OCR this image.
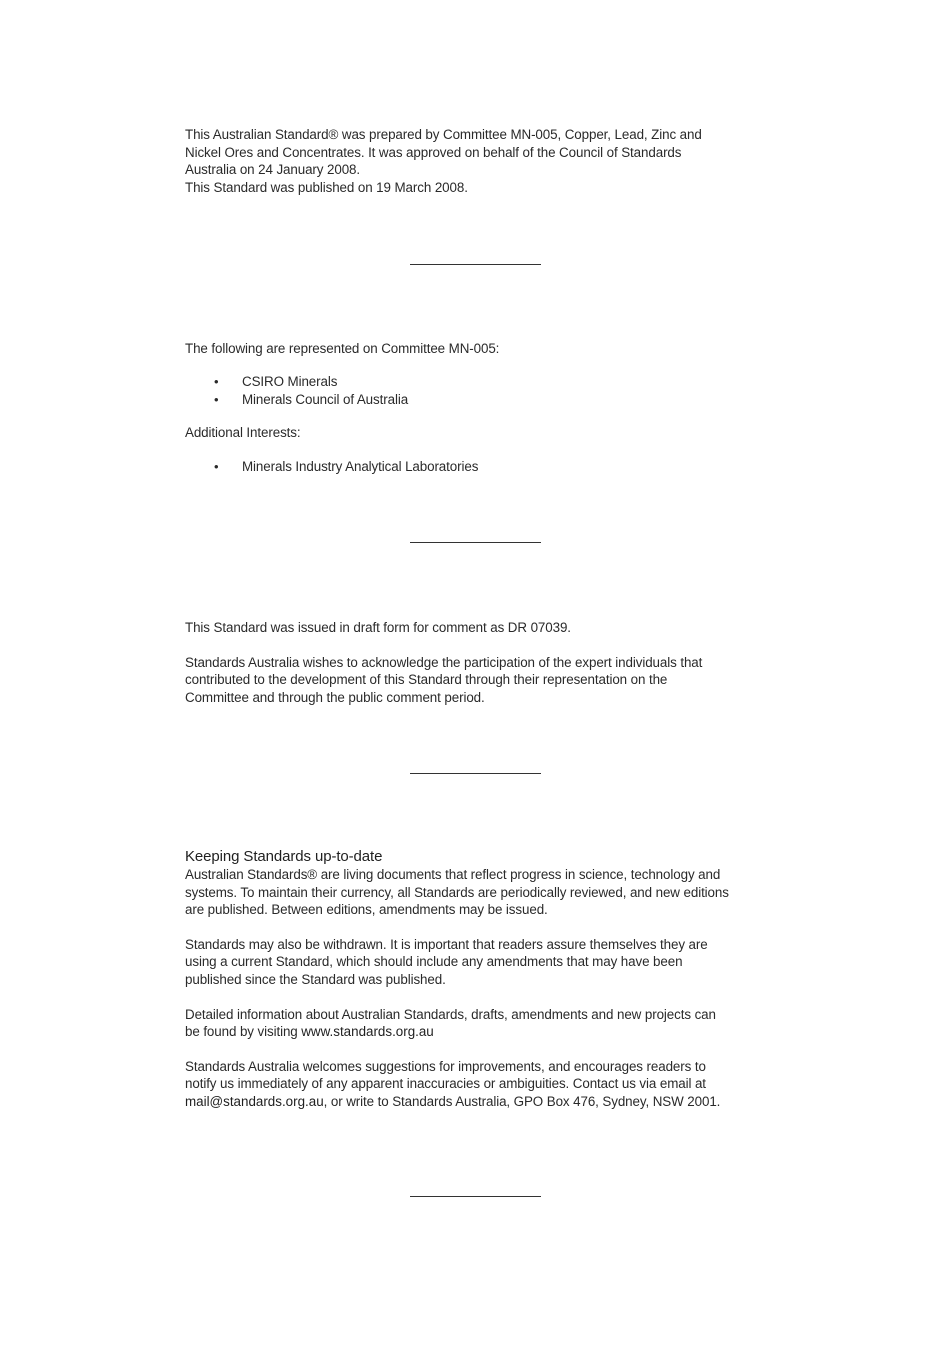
This Australian Standard® was prepared by Committee MN-005, Copper, Lead, Zinc and

Nickel Ores and Concentrates. It was approved on behalf of the Council of Standards

Australia on 24 January 2008.

This Standard was published on 19 March 2008.

The following are represented on Committee MN-005:

• CSIRO Minerals
• Minerals Council of Australia

Additional Interests:

• Minerals Industry Analytical Laboratories

This Standard was issued in draft form for comment as DR 07039.

Standards Australia wishes to acknowledge the participation of the expert individuals that

contributed to the development of this Standard through their representation on the

Committee and through the public comment period.

Keeping Standards up-to-date

Australian Standards® are living documents that reflect progress in science, technology and

systems. To maintain their currency, all Standards are periodically reviewed, and new editions

are published. Between editions, amendments may be issued.

Standards may also be withdrawn. It is important that readers assure themselves they are

using a current Standard, which should include any amendments that may have been

published since the Standard was published.

Detailed information about Australian Standards, drafts, amendments and new projects can

be found by visiting www.standards.org.au

Standards Australia welcomes suggestions for improvements, and encourages readers to

notify us immediately of any apparent inaccuracies or ambiguities. Contact us via email at

mail@standards.org.au, or write to Standards Australia, GPO Box 476, Sydney, NSW 2001.
